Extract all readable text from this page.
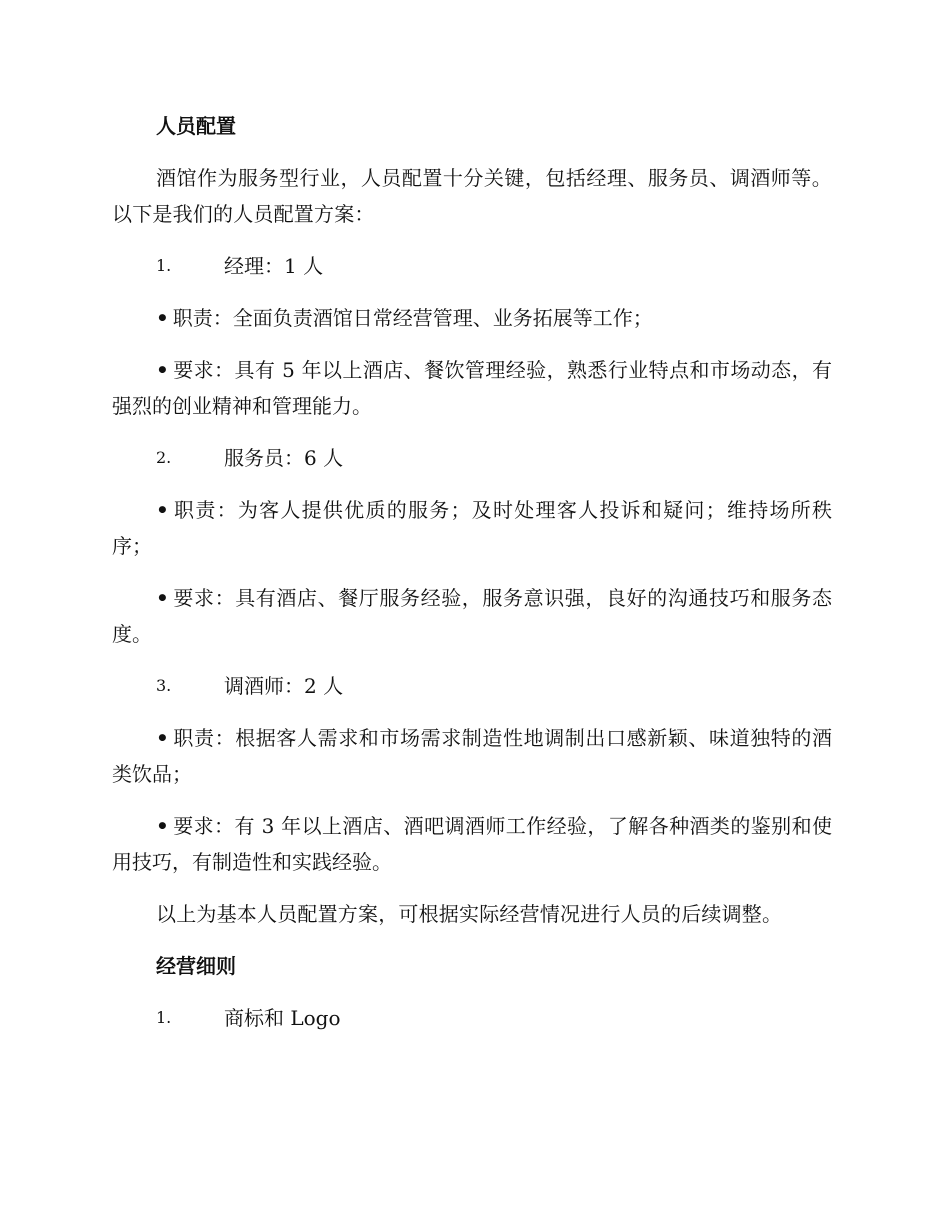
人员配置
酒馆作为服务型行业，人员配置十分关键，包括经理、服务员、调酒师等。以下是我们的人员配置方案：
1.	经理：1 人
• 职责：全面负责酒馆日常经营管理、业务拓展等工作；
• 要求：具有 5 年以上酒店、餐饮管理经验，熟悉行业特点和市场动态，有强烈的创业精神和管理能力。
2.	服务员：6 人
• 职责：为客人提供优质的服务；及时处理客人投诉和疑问；维持场所秩序；
• 要求：具有酒店、餐厅服务经验，服务意识强，良好的沟通技巧和服务态度。
3.	调酒师：2 人
• 职责：根据客人需求和市场需求制造性地调制出口感新颖、味道独特的酒类饮品；
• 要求：有 3 年以上酒店、酒吧调酒师工作经验，了解各种酒类的鉴别和使用技巧，有制造性和实践经验。
以上为基本人员配置方案，可根据实际经营情况进行人员的后续调整。
经营细则
1.	商标和 Logo
